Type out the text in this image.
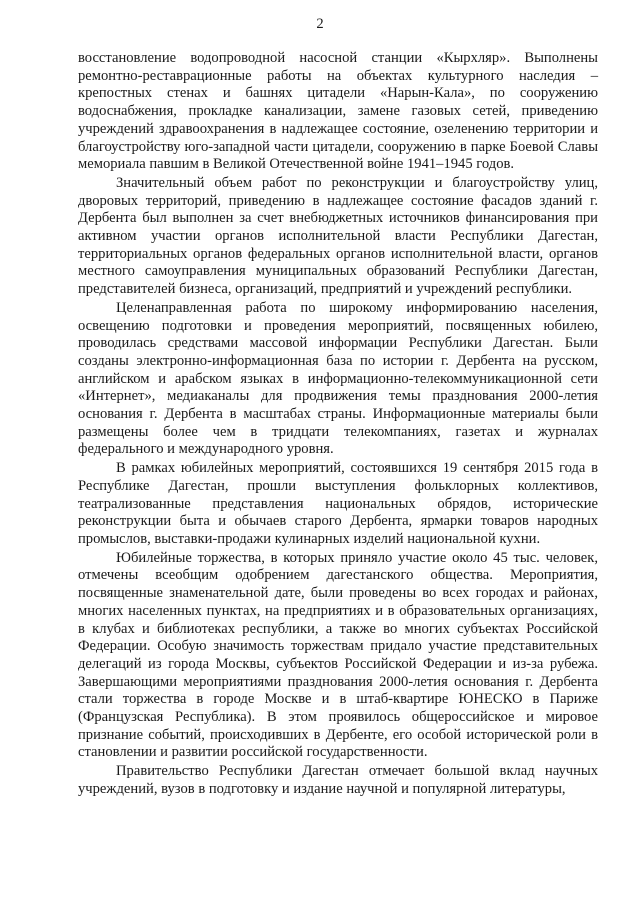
2

восстановление водопроводной насосной станции «Кырхляр». Выполнены ремонтно-реставрационные работы на объектах культурного наследия – крепостных стенах и башнях цитадели «Нарын-Кала», по сооружению водоснабжения, прокладке канализации, замене газовых сетей, приведению учреждений здравоохранения в надлежащее состояние, озеленению территории и благоустройству юго-западной части цитадели, сооружению в парке Боевой Славы мемориала павшим в Великой Отечественной войне 1941–1945 годов.

Значительный объем работ по реконструкции и благоустройству улиц, дворовых территорий, приведению в надлежащее состояние фасадов зданий г. Дербента был выполнен за счет внебюджетных источников финансирования при активном участии органов исполнительной власти Республики Дагестан, территориальных органов федеральных органов исполнительной власти, органов местного самоуправления муниципальных образований Республики Дагестан, представителей бизнеса, организаций, предприятий и учреждений республики.

Целенаправленная работа по широкому информированию населения, освещению подготовки и проведения мероприятий, посвященных юбилею, проводилась средствами массовой информации Республики Дагестан. Были созданы электронно-информационная база по истории г. Дербента на русском, английском и арабском языках в информационно-телекоммуникационной сети «Интернет», медиаканалы для продвижения темы празднования 2000-летия основания г. Дербента в масштабах страны. Информационные материалы были размещены более чем в тридцати телекомпаниях, газетах и журналах федерального и международного уровня.

В рамках юбилейных мероприятий, состоявшихся 19 сентября 2015 года в Республике Дагестан, прошли выступления фольклорных коллективов, театрализованные представления национальных обрядов, исторические реконструкции быта и обычаев старого Дербента, ярмарки товаров народных промыслов, выставки-продажи кулинарных изделий национальной кухни.

Юбилейные торжества, в которых приняло участие около 45 тыс. человек, отмечены всеобщим одобрением дагестанского общества. Мероприятия, посвященные знаменательной дате, были проведены во всех городах и районах, многих населенных пунктах, на предприятиях и в образовательных организациях, в клубах и библиотеках республики, а также во многих субъектах Российской Федерации. Особую значимость торжествам придало участие представительных делегаций из города Москвы, субъектов Российской Федерации и из-за рубежа. Завершающими мероприятиями празднования 2000-летия основания г. Дербента стали торжества в городе Москве и в штаб-квартире ЮНЕСКО в Париже (Французская Республика). В этом проявилось общероссийское и мировое признание событий, происходивших в Дербенте, его особой исторической роли в становлении и развитии российской государственности.

Правительство Республики Дагестан отмечает большой вклад научных учреждений, вузов в подготовку и издание научной и популярной литературы,
